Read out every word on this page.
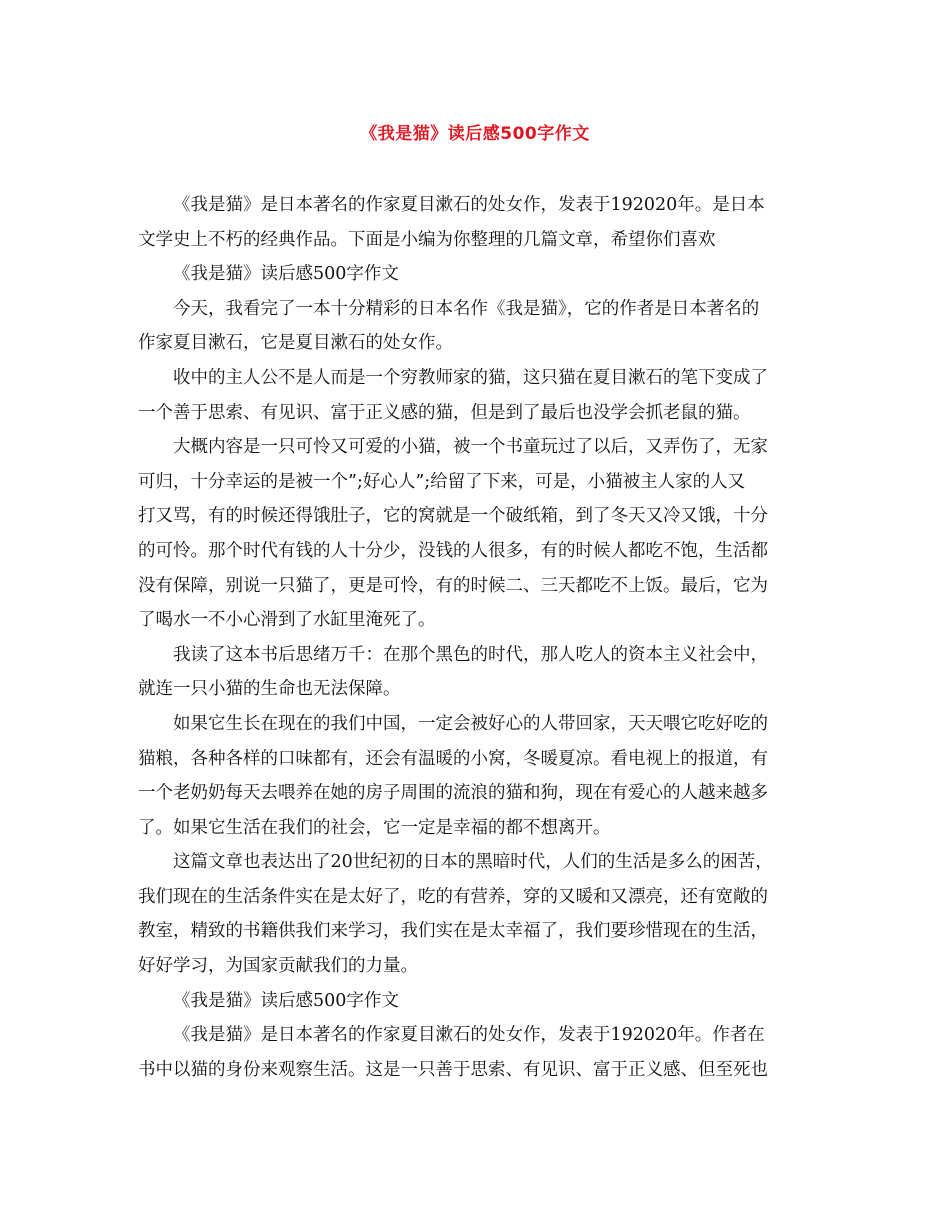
《我是猫》读后感500字作文

《我是猫》是日本著名的作家夏目漱石的处女作，发表于192020年。是日本
文学史上不朽的经典作品。下面是小编为你整理的几篇文章，希望你们喜欢

《我是猫》读后感500字作文

今天，我看完了一本十分精彩的日本名作《我是猫》，它的作者是日本著名的
作家夏目漱石，它是夏目漱石的处女作。

收中的主人公不是人而是一个穷教师家的猫，这只猫在夏目漱石的笔下变成了
一个善于思索、有见识、富于正义感的猫，但是到了最后也没学会抓老鼠的猫。

大概内容是一只可怜又可爱的小猫，被一个书童玩过了以后，又弄伤了，无家
可归，十分幸运的是被一个”;好心人”;给留了下来，可是，小猫被主人家的人又
打又骂，有的时候还得饿肚子，它的窝就是一个破纸箱，到了冬天又冷又饿，十分
的可怜。那个时代有钱的人十分少，没钱的人很多，有的时候人都吃不饱，生活都
没有保障，别说一只猫了，更是可怜，有的时候二、三天都吃不上饭。最后，它为
了喝水一不小心滑到了水缸里淹死了。

我读了这本书后思绪万千：在那个黑色的时代，那人吃人的资本主义社会中，
就连一只小猫的生命也无法保障。

如果它生长在现在的我们中国，一定会被好心的人带回家，天天喂它吃好吃的
猫粮，各种各样的口味都有，还会有温暖的小窝，冬暖夏凉。看电视上的报道，有
一个老奶奶每天去喂养在她的房子周围的流浪的猫和狗，现在有爱心的人越来越多
了。如果它生活在我们的社会，它一定是幸福的都不想离开。

这篇文章也表达出了20世纪初的日本的黑暗时代，人们的生活是多么的困苦，
我们现在的生活条件实在是太好了，吃的有营养，穿的又暖和又漂亮，还有宽敞的
教室，精致的书籍供我们来学习，我们实在是太幸福了，我们要珍惜现在的生活，
好好学习，为国家贡献我们的力量。

《我是猫》读后感500字作文

《我是猫》是日本著名的作家夏目漱石的处女作，发表于192020年。作者在
书中以猫的身份来观察生活。这是一只善于思索、有见识、富于正义感、但至死也
